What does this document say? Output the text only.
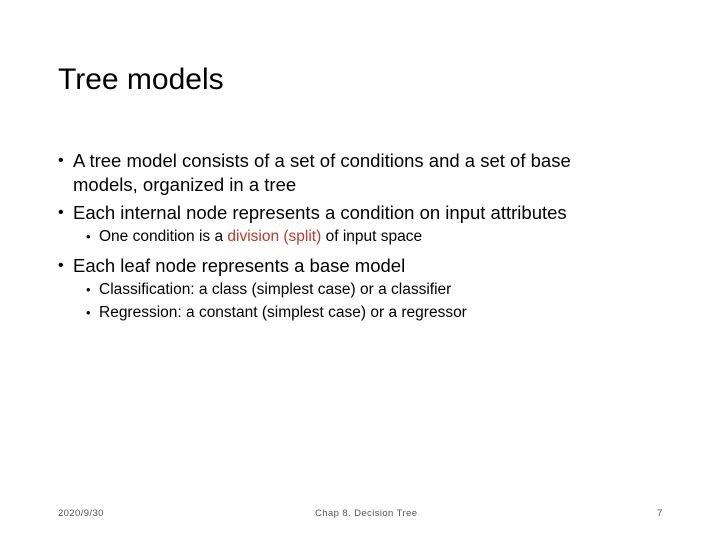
Tree models
• A tree model consists of a set of conditions and a set of base
models, organized in a tree
• Each internal node represents a condition on input attributes
• One condition is a division (split) of input space
• Each leaf node represents a base model
• Classification: a class (simplest case) or a classifier
• Regression: a constant (simplest case) or a regressor
2020/9/30	Chap 8. Decision Tree	7
